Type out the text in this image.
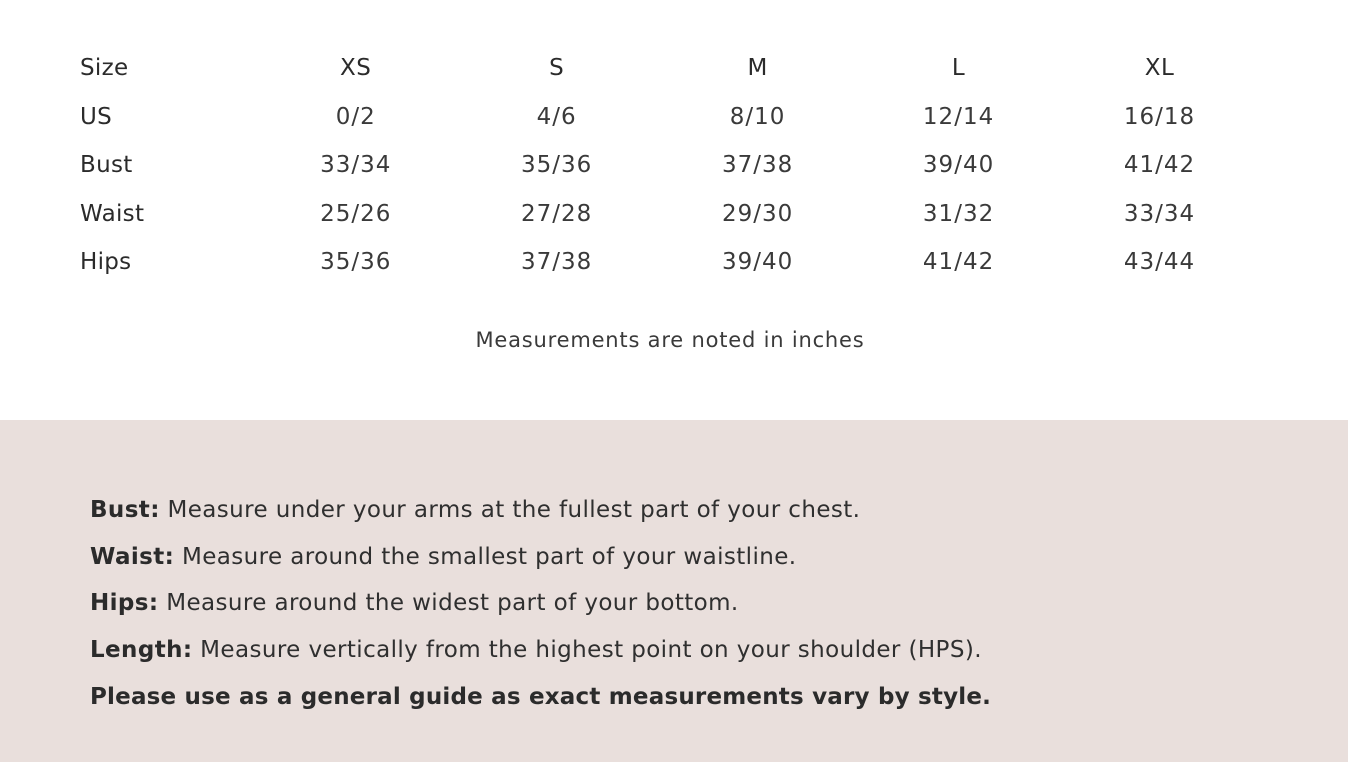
Size	XS	S	M	L	XL
US	0/2	4/6	8/10	12/14	16/18
Bust	33/34	35/36	37/38	39/40	41/42
Waist	25/26	27/28	29/30	31/32	33/34
Hips	35/36	37/38	39/40	41/42	43/44
Measurements are noted in inches
Bust: Measure under your arms at the fullest part of your chest.
Waist: Measure around the smallest part of your waistline.
Hips: Measure around the widest part of your bottom.
Length: Measure vertically from the highest point on your shoulder (HPS).
Please use as a general guide as exact measurements vary by style.
